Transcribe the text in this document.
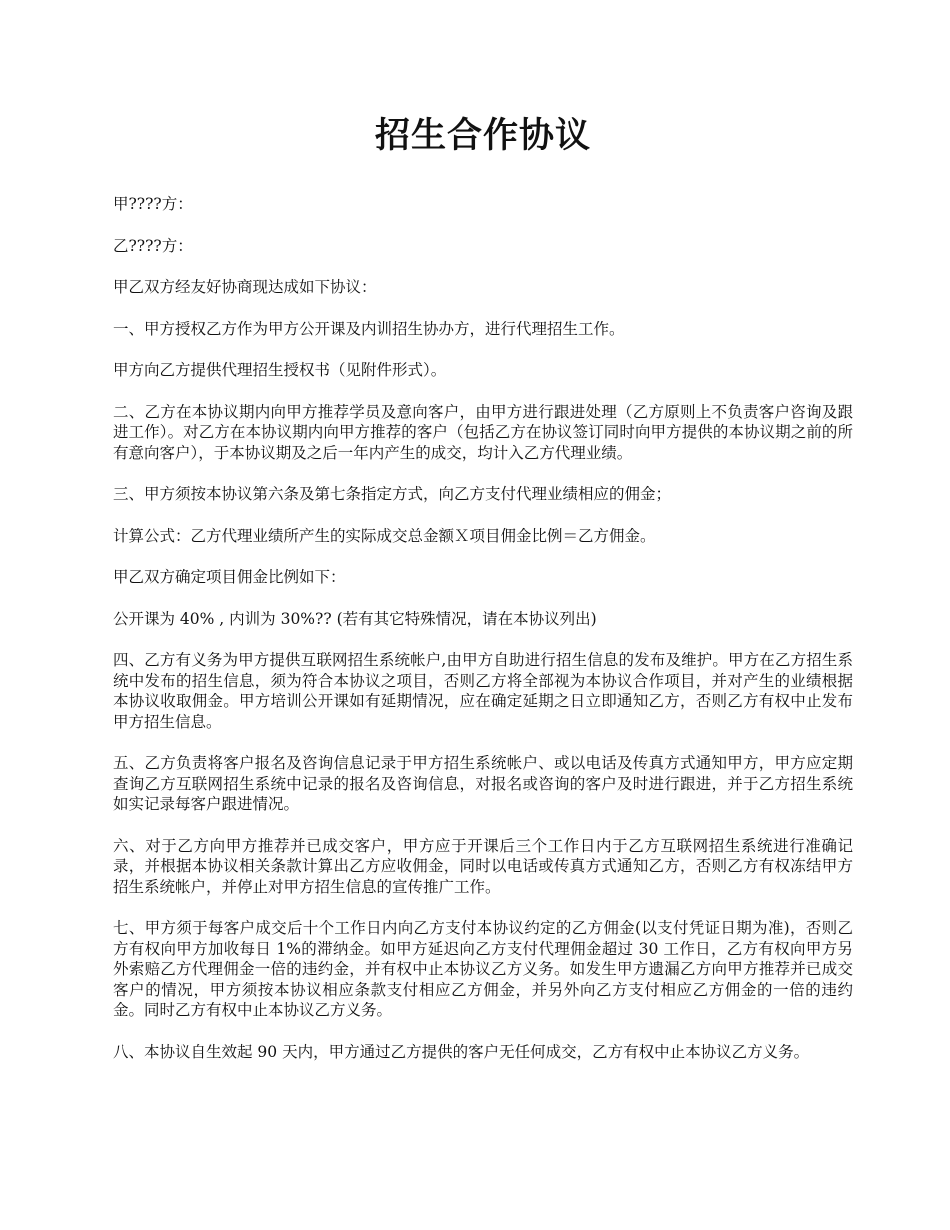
招生合作协议

甲????方：

乙????方：

甲乙双方经友好协商现达成如下协议：

一、甲方授权乙方作为甲方公开课及内训招生协办方，进行代理招生工作。

甲方向乙方提供代理招生授权书（见附件形式）。

二、乙方在本协议期内向甲方推荐学员及意向客户，由甲方进行跟进处理（乙方原则上不负责客户咨询及跟进工作）。对乙方在本协议期内向甲方推荐的客户（包括乙方在协议签订同时向甲方提供的本协议期之前的所有意向客户），于本协议期及之后一年内产生的成交，均计入乙方代理业绩。

三、甲方须按本协议第六条及第七条指定方式，向乙方支付代理业绩相应的佣金；

计算公式：乙方代理业绩所产生的实际成交总金额Ｘ项目佣金比例＝乙方佣金。

甲乙双方确定项目佣金比例如下：

公开课为 40% , 内训为 30%?? (若有其它特殊情况，请在本协议列出)

四、乙方有义务为甲方提供互联网招生系统帐户,由甲方自助进行招生信息的发布及维护。甲方在乙方招生系统中发布的招生信息，须为符合本协议之项目，否则乙方将全部视为本协议合作项目，并对产生的业绩根据本协议收取佣金。甲方培训公开课如有延期情况，应在确定延期之日立即通知乙方，否则乙方有权中止发布甲方招生信息。

五、乙方负责将客户报名及咨询信息记录于甲方招生系统帐户、或以电话及传真方式通知甲方，甲方应定期查询乙方互联网招生系统中记录的报名及咨询信息，对报名或咨询的客户及时进行跟进，并于乙方招生系统如实记录每客户跟进情况。

六、对于乙方向甲方推荐并已成交客户，甲方应于开课后三个工作日内于乙方互联网招生系统进行准确记录，并根据本协议相关条款计算出乙方应收佣金，同时以电话或传真方式通知乙方，否则乙方有权冻结甲方招生系统帐户，并停止对甲方招生信息的宣传推广工作。

七、甲方须于每客户成交后十个工作日内向乙方支付本协议约定的乙方佣金(以支付凭证日期为准)，否则乙方有权向甲方加收每日 1%的滞纳金。如甲方延迟向乙方支付代理佣金超过 30 工作日，乙方有权向甲方另外索赔乙方代理佣金一倍的违约金，并有权中止本协议乙方义务。如发生甲方遗漏乙方向甲方推荐并已成交客户的情况，甲方须按本协议相应条款支付相应乙方佣金，并另外向乙方支付相应乙方佣金的一倍的违约金。同时乙方有权中止本协议乙方义务。

八、本协议自生效起 90 天内，甲方通过乙方提供的客户无任何成交，乙方有权中止本协议乙方义务。
